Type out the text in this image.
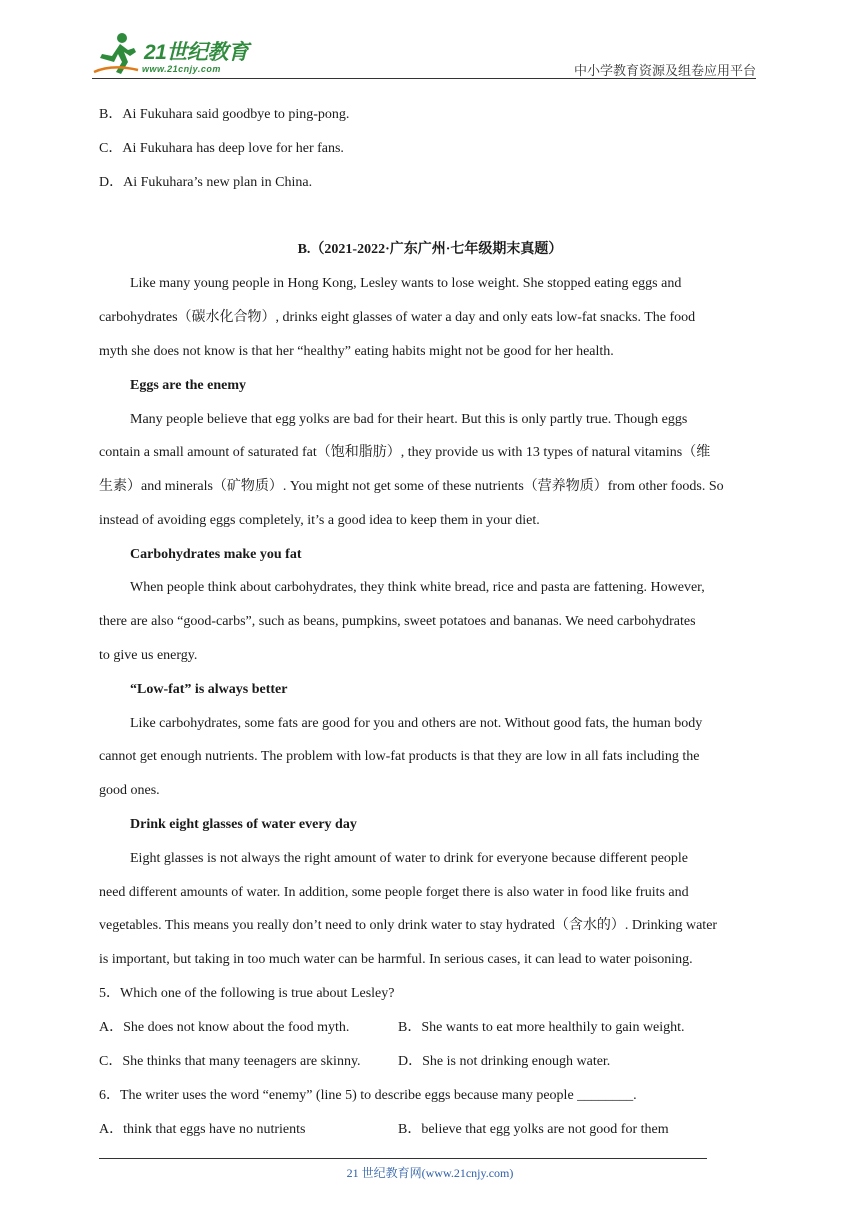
21世纪教育
www.21cnjy.com	中小学教育资源及组卷应用平台
B．Ai Fukuhara said goodbye to ping-pong.
C．Ai Fukuhara has deep love for her fans.
D．Ai Fukuhara’s new plan in China.
B.（2021-2022·广东广州·七年级期末真题）
Like many young people in Hong Kong, Lesley wants to lose weight. She stopped eating eggs and
carbohydrates（碳水化合物）, drinks eight glasses of water a day and only eats low-fat snacks. The food
myth she does not know is that her “healthy” eating habits might not be good for her health.
Eggs are the enemy
Many people believe that egg yolks are bad for their heart. But this is only partly true. Though eggs
contain a small amount of saturated fat（饱和脂肪）, they provide us with 13 types of natural vitamins（维
生素）and minerals（矿物质）. You might not get some of these nutrients（营养物质）from other foods. So
instead of avoiding eggs completely, it’s a good idea to keep them in your diet.
Carbohydrates make you fat
When people think about carbohydrates, they think white bread, rice and pasta are fattening. However,
there are also “good-carbs”, such as beans, pumpkins, sweet potatoes and bananas. We need carbohydrates
to give us energy.
“Low-fat” is always better
Like carbohydrates, some fats are good for you and others are not. Without good fats, the human body
cannot get enough nutrients. The problem with low-fat products is that they are low in all fats including the
good ones.
Drink eight glasses of water every day
Eight glasses is not always the right amount of water to drink for everyone because different people
need different amounts of water. In addition, some people forget there is also water in food like fruits and
vegetables. This means you really don’t need to only drink water to stay hydrated（含水的）. Drinking water
is important, but taking in too much water can be harmful. In serious cases, it can lead to water poisoning.
5．Which one of the following is true about Lesley?
A．She does not know about the food myth.	B．She wants to eat more healthily to gain weight.
C．She thinks that many teenagers are skinny.	D．She is not drinking enough water.
6．The writer uses the word “enemy” (line 5) to describe eggs because many people ________.
A．think that eggs have no nutrients	B．believe that egg yolks are not good for them
21 世纪教育网(www.21cnjy.com)
